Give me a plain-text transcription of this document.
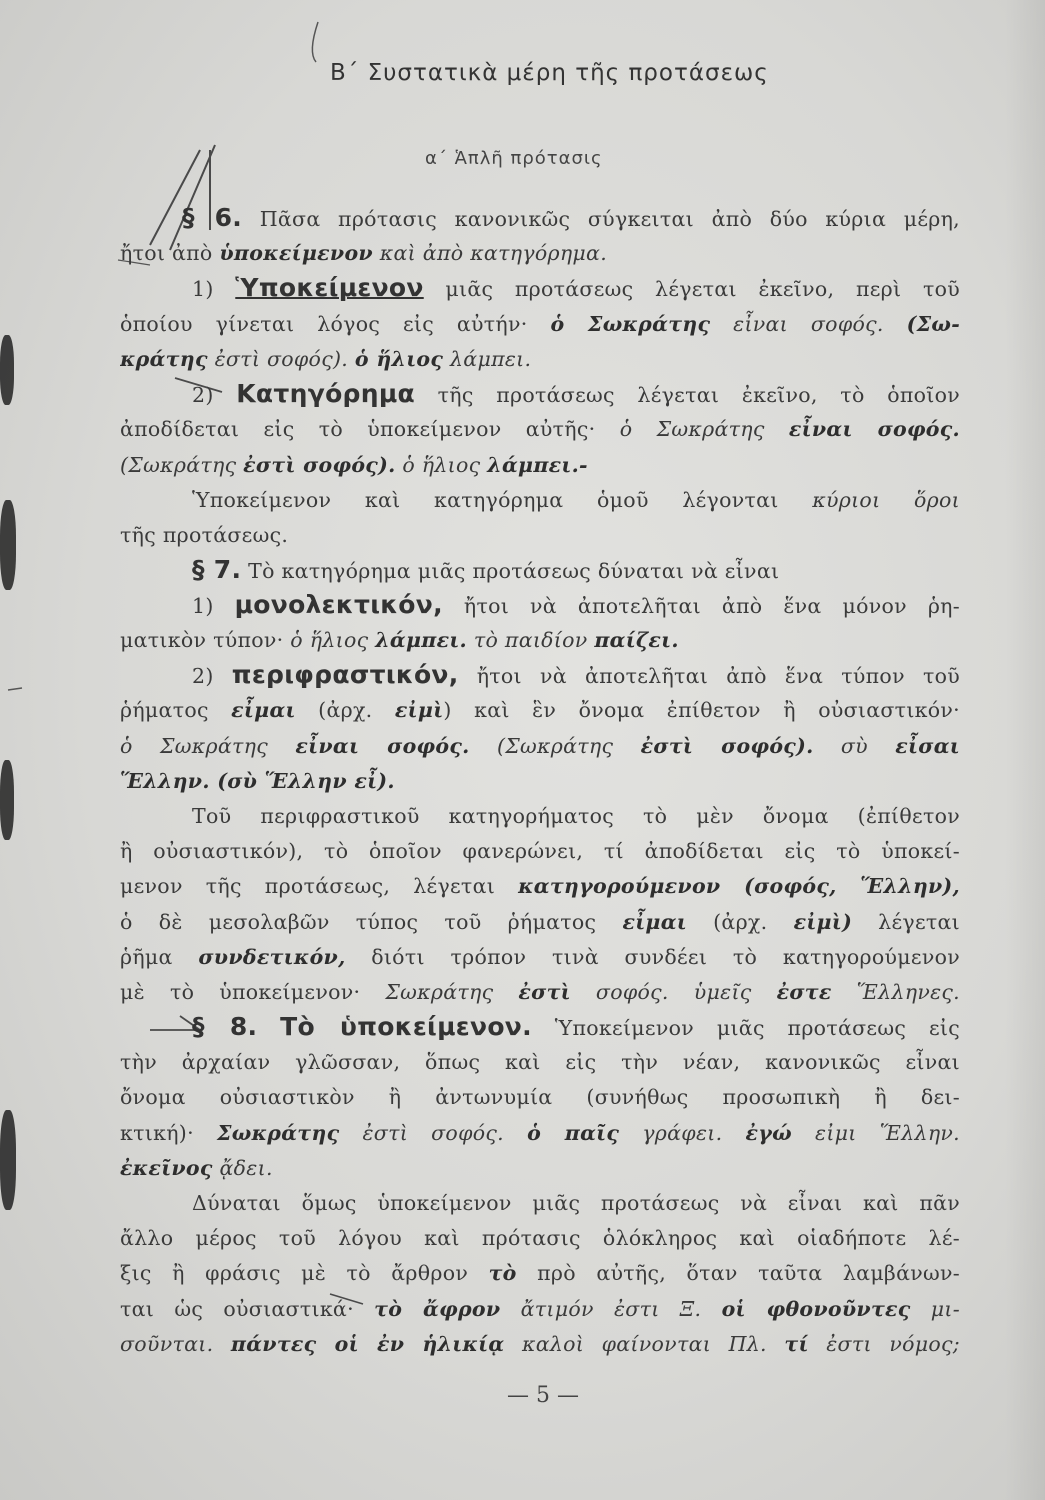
Β΄ Συστατικὰ μέρη τῆς προτάσεως
α΄ Ἁπλῆ πρότασις
§ 6. Πᾶσα πρότασις κανονικῶς σύγκειται ἀπὸ δύο κύρια μέρη,
ἤτοι ἀπὸ ὑποκείμενον καὶ ἀπὸ κατηγόρημα.
1) Ὑποκείμενον μιᾶς προτάσεως λέγεται ἐκεῖνο, περὶ τοῦ
ὁποίου γίνεται λόγος εἰς αὐτήν· ὁ Σωκράτης εἶναι σοφός. (Σω-
κράτης ἐστὶ σοφός). ὁ ἥλιος λάμπει.
2) Κατηγόρημα τῆς προτάσεως λέγεται ἐκεῖνο, τὸ ὁποῖον
ἀποδίδεται εἰς τὸ ὑποκείμενον αὐτῆς· ὁ Σωκράτης εἶναι σοφός.
(Σωκράτης ἐστὶ σοφός). ὁ ἥλιος λάμπει.-
Ὑποκείμενον καὶ κατηγόρημα ὁμοῦ λέγονται κύριοι ὅροι
τῆς προτάσεως.
§ 7. Τὸ κατηγόρημα μιᾶς προτάσεως δύναται νὰ εἶναι
1) μονολεκτικόν, ἤτοι νὰ ἀποτελῆται ἀπὸ ἕνα μόνον ῥη-
ματικὸν τύπον· ὁ ἥλιος λάμπει. τὸ παιδίον παίζει.
2) περιφραστικόν, ἤτοι νὰ ἀποτελῆται ἀπὸ ἕνα τύπον τοῦ
ῥήματος εἶμαι (ἀρχ. εἰμὶ) καὶ ἓν ὄνομα ἐπίθετον ἢ οὐσιαστικόν·
ὁ Σωκράτης εἶναι σοφός. (Σωκράτης ἐστὶ σοφός). σὺ εἶσαι
Ἕλλην. (σὺ Ἕλλην εἶ).
Τοῦ περιφραστικοῦ κατηγορήματος τὸ μὲν ὄνομα (ἐπίθετον
ἢ οὐσιαστικόν), τὸ ὁποῖον φανερώνει, τί ἀποδίδεται εἰς τὸ ὑποκεί-
μενον τῆς προτάσεως, λέγεται κατηγορούμενον (σοφός, Ἕλλην),
ὁ δὲ μεσολαβῶν τύπος τοῦ ῥήματος εἶμαι (ἀρχ. εἰμὶ) λέγεται
ῥῆμα συνδετικόν, διότι τρόπον τινὰ συνδέει τὸ κατηγορούμενον
μὲ τὸ ὑποκείμενον· Σωκράτης ἐστὶ σοφός. ὑμεῖς ἐστε Ἕλληνες.
§ 8. Τὸ ὑποκείμενον. Ὑποκείμενον μιᾶς προτάσεως εἰς
τὴν ἀρχαίαν γλῶσσαν, ὅπως καὶ εἰς τὴν νέαν, κανονικῶς εἶναι
ὄνομα οὐσιαστικὸν ἢ ἀντωνυμία (συνήθως προσωπικὴ ἢ δει-
κτική)· Σωκράτης ἐστὶ σοφός. ὁ παῖς γράφει. ἐγώ εἰμι Ἕλλην.
ἐκεῖνος ᾄδει.
Δύναται ὅμως ὑποκείμενον μιᾶς προτάσεως νὰ εἶναι καὶ πᾶν
ἄλλο μέρος τοῦ λόγου καὶ πρότασις ὁλόκληρος καὶ οἱαδήποτε λέ-
ξις ἢ φράσις μὲ τὸ ἄρθρον τὸ πρὸ αὐτῆς, ὅταν ταῦτα λαμβάνων-
ται ὡς οὐσιαστικά· τὸ ἄφρον ἄτιμόν ἐστι Ξ. οἱ φθονοῦντες μι-
σοῦνται. πάντες οἱ ἐν ἡλικίᾳ καλοὶ φαίνονται Πλ. τί ἐστι νόμος;
— 5 —
